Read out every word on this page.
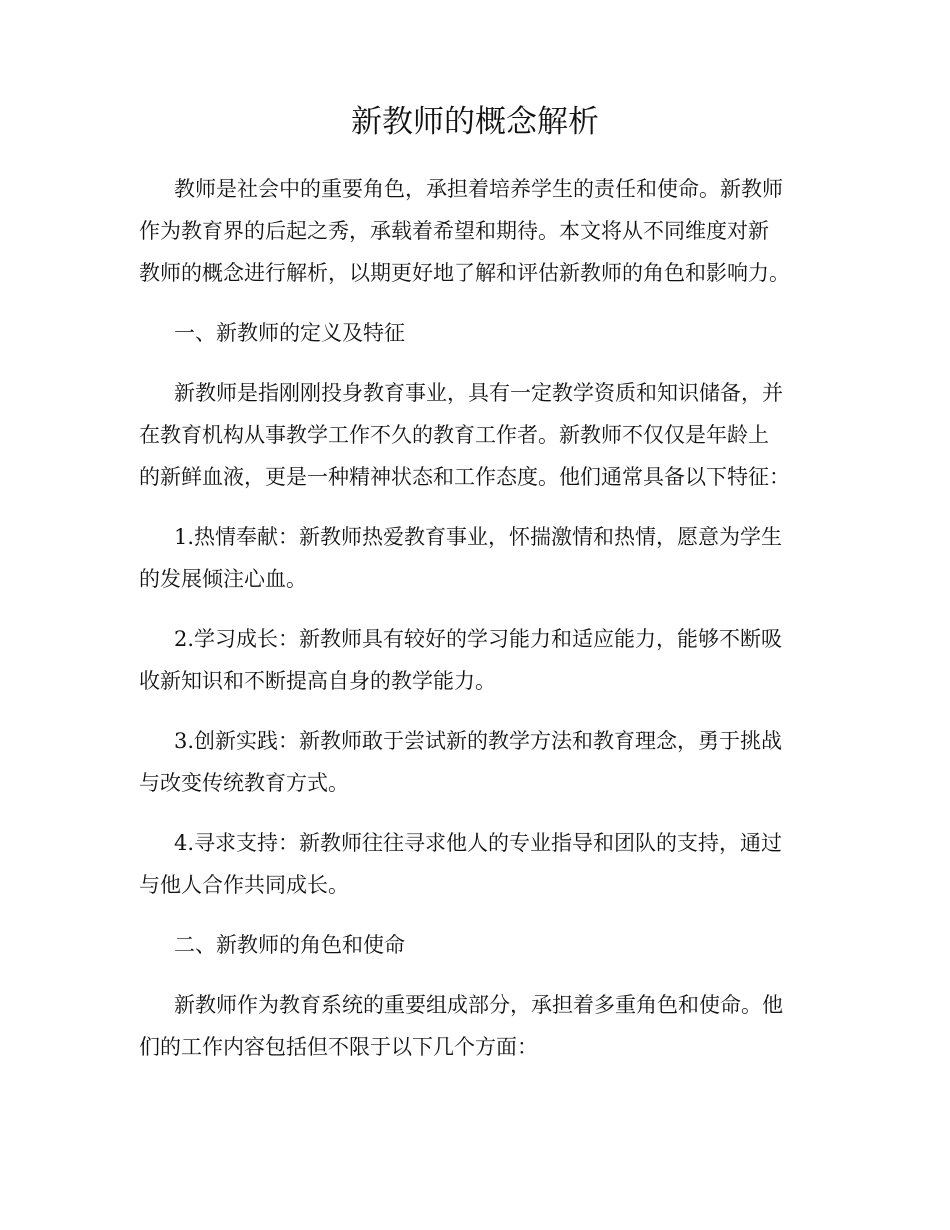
新教师的概念解析
教师是社会中的重要角色，承担着培养学生的责任和使命。新教师
作为教育界的后起之秀，承载着希望和期待。本文将从不同维度对新
教师的概念进行解析，以期更好地了解和评估新教师的角色和影响力。
一、新教师的定义及特征
新教师是指刚刚投身教育事业，具有一定教学资质和知识储备，并
在教育机构从事教学工作不久的教育工作者。新教师不仅仅是年龄上
的新鲜血液，更是一种精神状态和工作态度。他们通常具备以下特征：
1.热情奉献：新教师热爱教育事业，怀揣激情和热情，愿意为学生
的发展倾注心血。
2.学习成长：新教师具有较好的学习能力和适应能力，能够不断吸
收新知识和不断提高自身的教学能力。
3.创新实践：新教师敢于尝试新的教学方法和教育理念，勇于挑战
与改变传统教育方式。
4.寻求支持：新教师往往寻求他人的专业指导和团队的支持，通过
与他人合作共同成长。
二、新教师的角色和使命
新教师作为教育系统的重要组成部分，承担着多重角色和使命。他
们的工作内容包括但不限于以下几个方面：
